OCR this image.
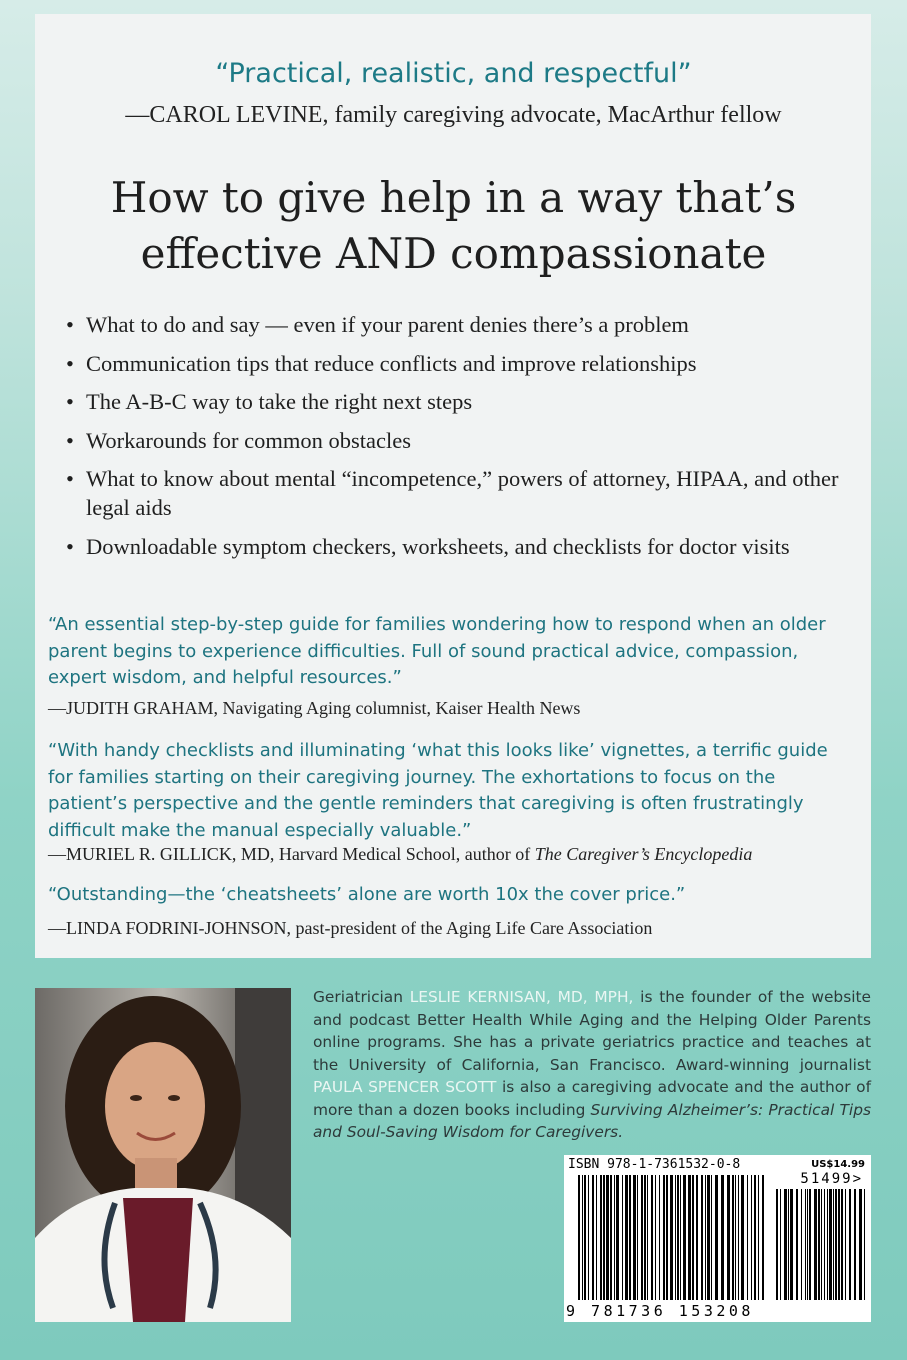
“Practical, realistic, and respectful”
—CAROL LEVINE, family caregiving advocate, MacArthur fellow
How to give help in a way that’s
effective AND compassionate
• What to do and say — even if your parent denies there’s a problem
• Communication tips that reduce conflicts and improve relationships
• The A-B-C way to take the right next steps
• Workarounds for common obstacles
• What to know about mental “incompetence,” powers of attorney, HIPAA, and other legal aids
• Downloadable symptom checkers, worksheets, and checklists for doctor visits
“An essential step-by-step guide for families wondering how to respond when an older parent begins to experience difficulties. Full of sound practical advice, compassion, expert wisdom, and helpful resources.”
—JUDITH GRAHAM, Navigating Aging columnist, Kaiser Health News
“With handy checklists and illuminating ‘what this looks like’ vignettes, a terrific guide for families starting on their caregiving journey. The exhortations to focus on the patient’s perspective and the gentle reminders that caregiving is often frustratingly difficult make the manual especially valuable.”
—MURIEL R. GILLICK, MD, Harvard Medical School, author of The Caregiver’s Encyclopedia
“Outstanding—the ‘cheatsheets’ alone are worth 10x the cover price.”
—LINDA FODRINI-JOHNSON, past-president of the Aging Life Care Association
Geriatrician LESLIE KERNISAN, MD, MPH, is the founder of the website and podcast Better Health While Aging and the Helping Older Parents online programs. She has a private geriatrics practice and teaches at the University of California, San Francisco. Award-winning journalist PAULA SPENCER SCOTT is also a caregiving advocate and the author of more than a dozen books including Surviving Alzheimer’s: Practical Tips and Soul-Saving Wisdom for Caregivers.
ISBN 978-1-7361532-0-8	US$14.99
51499>
9 781736 153208
